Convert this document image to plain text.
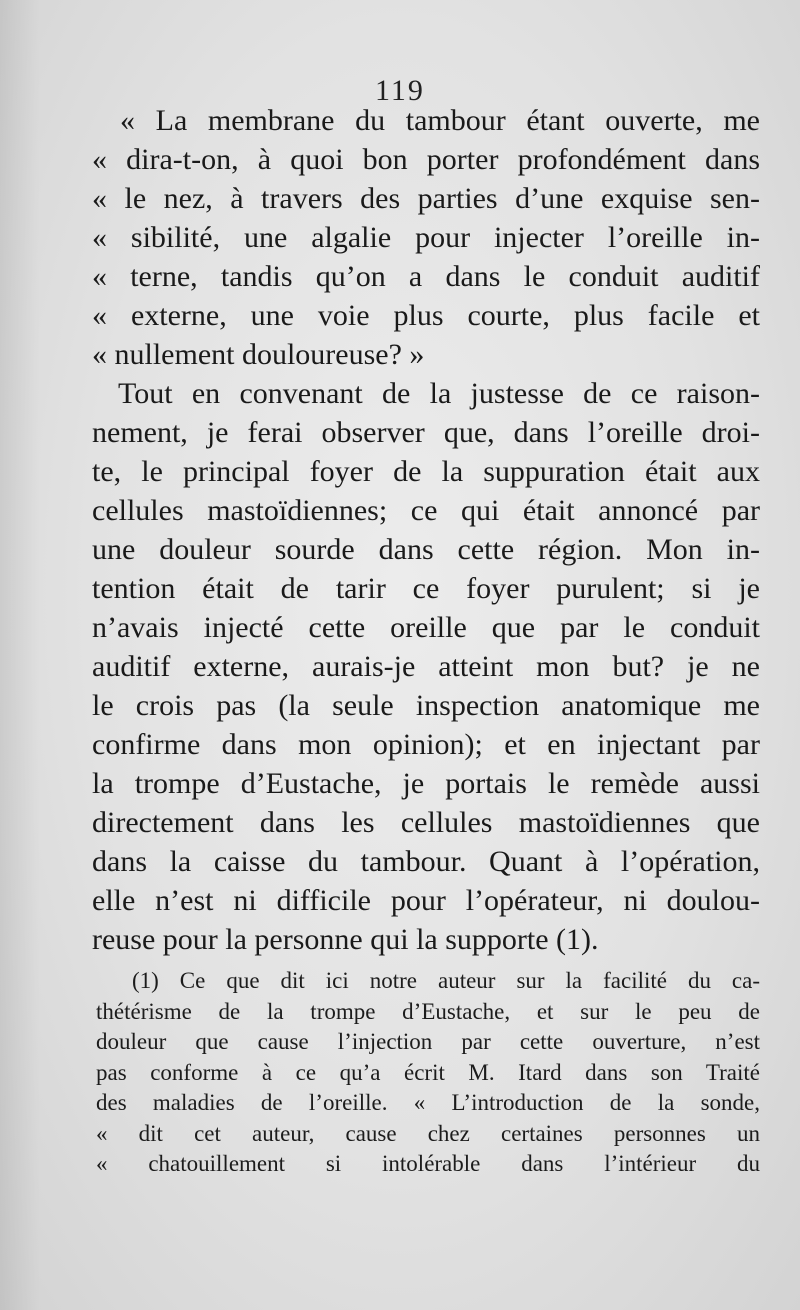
119
« La membrane du tambour étant ouverte, me
« dira-t-on, à quoi bon porter profondément dans
« le nez, à travers des parties d’une exquise sen-
« sibilité, une algalie pour injecter l’oreille in-
« terne, tandis qu’on a dans le conduit auditif
« externe, une voie plus courte, plus facile et
« nullement douloureuse? »
Tout en convenant de la justesse de ce raison-
nement, je ferai observer que, dans l’oreille droi-
te, le principal foyer de la suppuration était aux
cellules mastoïdiennes; ce qui était annoncé par
une douleur sourde dans cette région. Mon in-
tention était de tarir ce foyer purulent; si je
n’avais injecté cette oreille que par le conduit
auditif externe, aurais-je atteint mon but? je ne
le crois pas (la seule inspection anatomique me
confirme dans mon opinion); et en injectant par
la trompe d’Eustache, je portais le remède aussi
directement dans les cellules mastoïdiennes que
dans la caisse du tambour. Quant à l’opération,
elle n’est ni difficile pour l’opérateur, ni doulou-
reuse pour la personne qui la supporte (1).
(1) Ce que dit ici notre auteur sur la facilité du ca-
thétérisme de la trompe d’Eustache, et sur le peu de
douleur que cause l’injection par cette ouverture, n’est
pas conforme à ce qu’a écrit M. Itard dans son Traité
des maladies de l’oreille. « L’introduction de la sonde,
« dit cet auteur, cause chez certaines personnes un
« chatouillement si intolérable dans l’intérieur du
